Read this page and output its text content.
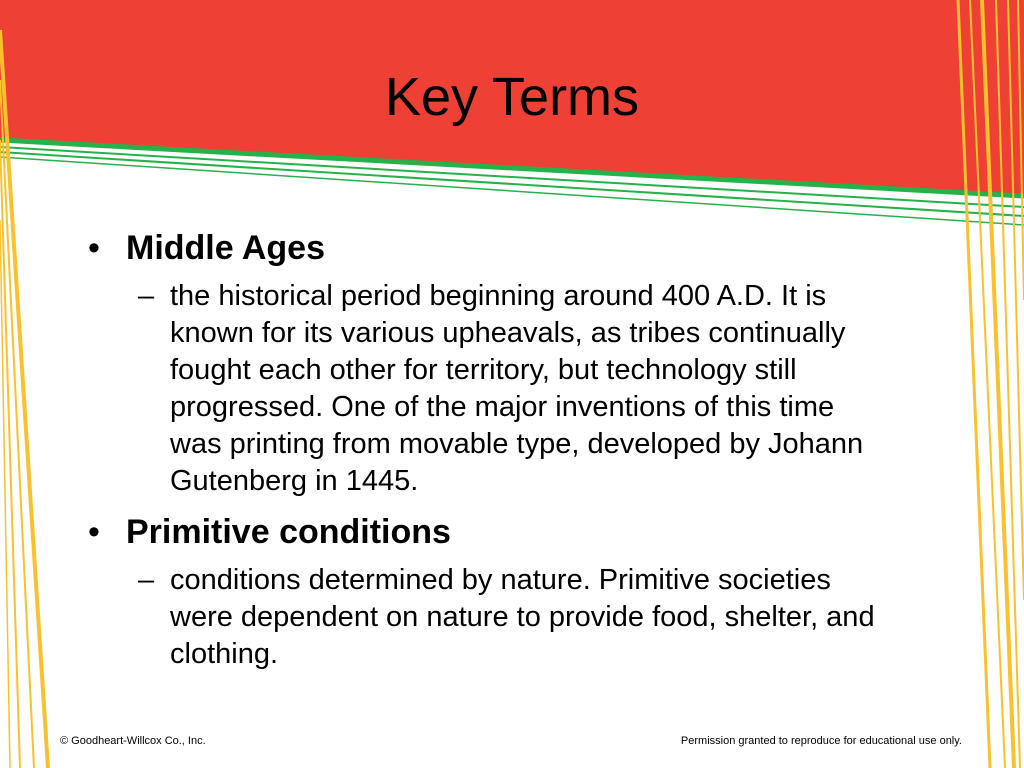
Key Terms
• Middle Ages
– the historical period beginning around 400 A.D. It is known for its various upheavals, as tribes continually fought each other for territory, but technology still progressed. One of the major inventions of this time was printing from movable type, developed by Johann Gutenberg in 1445.
• Primitive conditions
– conditions determined by nature. Primitive societies were dependent on nature to provide food, shelter, and clothing.
© Goodheart-Willcox Co., Inc.	Permission granted to reproduce for educational use only.
